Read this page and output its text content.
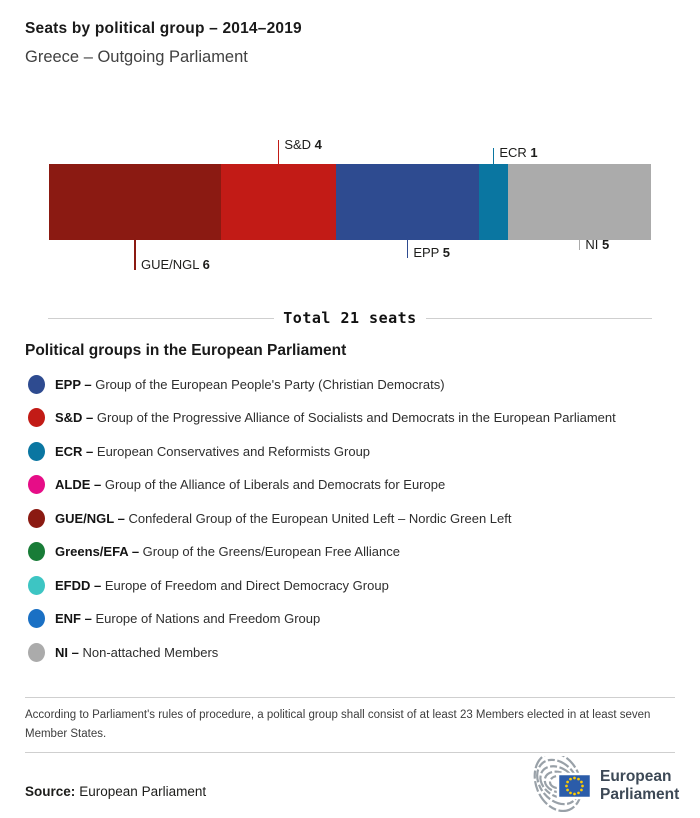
Seats by political group – 2014–2019
Greece – Outgoing Parliament
Total 21 seats
Political groups in the European Parliament
EPP – Group of the European People's Party (Christian Democrats)
S&D – Group of the Progressive Alliance of Socialists and Democrats in the European Parliament
ECR – European Conservatives and Reformists Group
ALDE – Group of the Alliance of Liberals and Democrats for Europe
GUE/NGL – Confederal Group of the European United Left – Nordic Green Left
Greens/EFA – Group of the Greens/European Free Alliance
EFDD – Europe of Freedom and Direct Democracy Group
ENF – Europe of Nations and Freedom Group
NI – Non-attached Members
According to Parliament's rules of procedure, a political group shall consist of at least 23 Members elected in at least seven Member States.
Source: European Parliament
European
Parliament
GUE/NGL 6
S&D 4
EPP 5
ECR 1
NI 5
